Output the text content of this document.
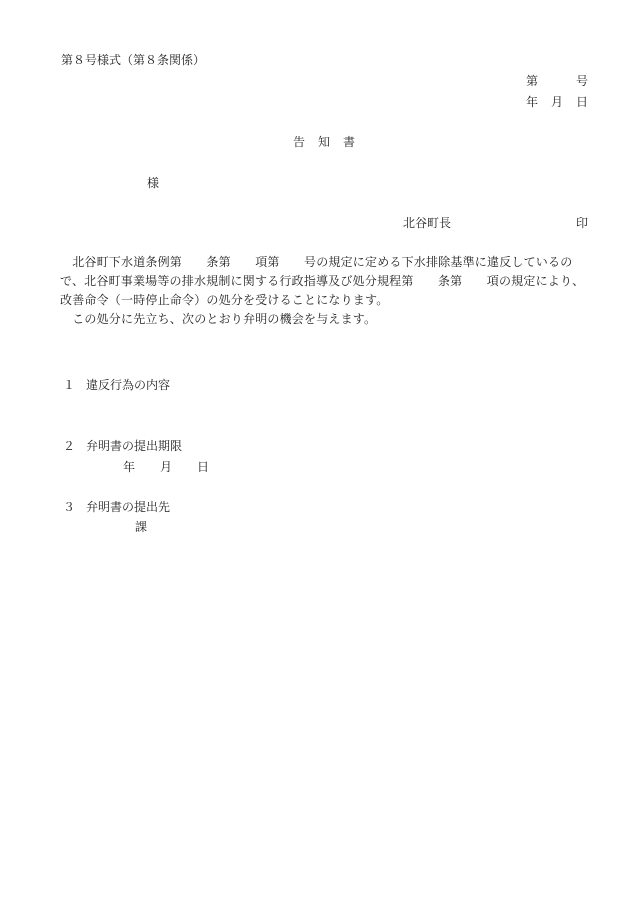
第８号様式（第８条関係）
第	号
年 月 日
告　知　書
様
北谷町長	印

　北谷町下水道条例第　　条第　　項第　　号の規定に定める下水排除基準に違反しているの

で、北谷町事業場等の排水規制に関する行政指導及び処分規程第　　条第　　項の規定により、

改善命令（一時停止命令）の処分を受けることになります。

　この処分に先立ち、次のとおり弁明の機会を与えます。

１ 違反行為の内容
２ 弁明書の提出期限
年 月 日
３ 弁明書の提出先
課
